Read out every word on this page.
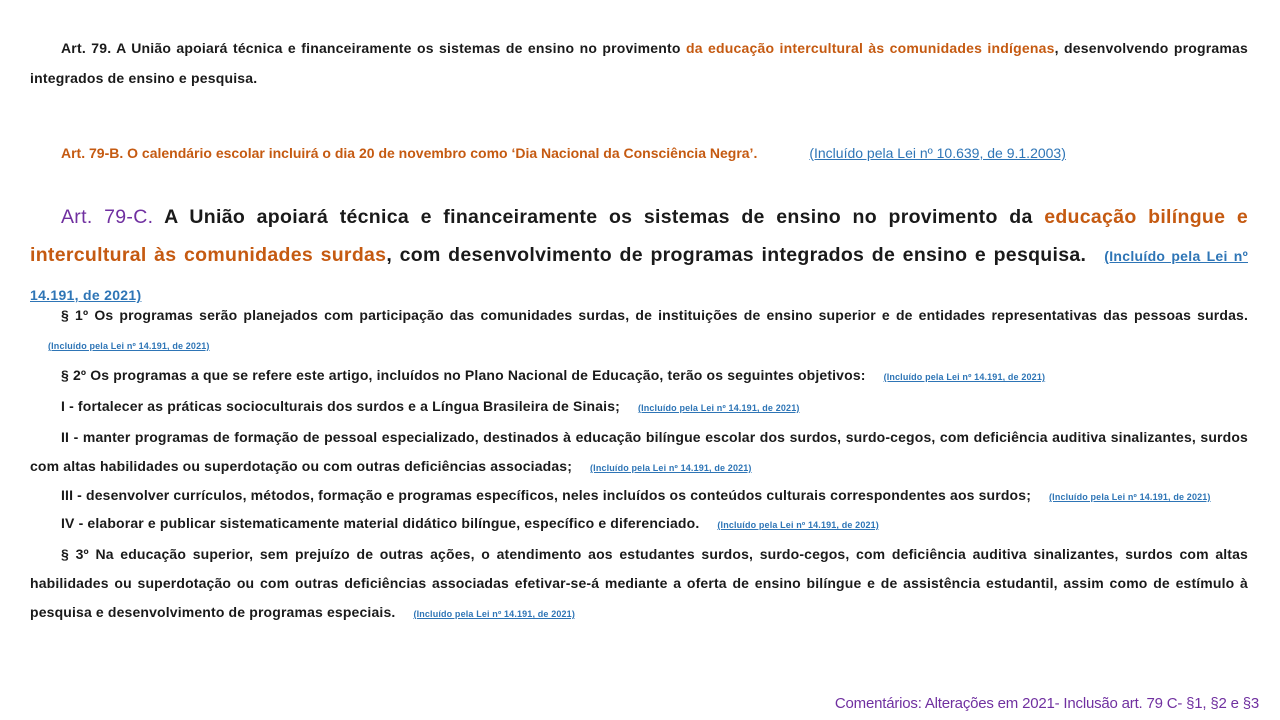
Art. 79. A União apoiará técnica e financeiramente os sistemas de ensino no provimento da educação intercultural às comunidades indígenas, desenvolvendo programas integrados de ensino e pesquisa.

Art. 79-B. O calendário escolar incluirá o dia 20 de novembro como ‘Dia Nacional da Consciência Negra’.	(Incluído pela Lei nº 10.639, de 9.1.2003)

Art. 79-C. A União apoiará técnica e financeiramente os sistemas de ensino no provimento da educação bilíngue e intercultural às comunidades surdas, com desenvolvimento de programas integrados de ensino e pesquisa. (Incluído pela Lei nº 14.191, de 2021)

§ 1º Os programas serão planejados com participação das comunidades surdas, de instituições de ensino superior e de entidades representativas das pessoas surdas.(Incluído pela Lei nº 14.191, de 2021)

§ 2º Os programas a que se refere este artigo, incluídos no Plano Nacional de Educação, terão os seguintes objetivos: (Incluído pela Lei nº 14.191, de 2021)

I - fortalecer as práticas socioculturais dos surdos e a Língua Brasileira de Sinais; (Incluído pela Lei nº 14.191, de 2021)

II - manter programas de formação de pessoal especializado, destinados à educação bilíngue escolar dos surdos, surdo-cegos, com deficiência auditiva sinalizantes, surdos com altas habilidades ou superdotação ou com outras deficiências associadas; (Incluído pela Lei nº 14.191, de 2021)

III - desenvolver currículos, métodos, formação e programas específicos, neles incluídos os conteúdos culturais correspondentes aos surdos; (Incluído pela Lei nº 14.191, de 2021)

IV - elaborar e publicar sistematicamente material didático bilíngue, específico e diferenciado. (Incluído pela Lei nº 14.191, de 2021)

§ 3º Na educação superior, sem prejuízo de outras ações, o atendimento aos estudantes surdos, surdo-cegos, com deficiência auditiva sinalizantes, surdos com altas habilidades ou superdotação ou com outras deficiências associadas efetivar-se-á mediante a oferta de ensino bilíngue e de assistência estudantil, assim como de estímulo à pesquisa e desenvolvimento de programas especiais. (Incluído pela Lei nº 14.191, de 2021)

Comentários: Alterações em 2021- Inclusão art. 79 C- §1, §2 e §3
